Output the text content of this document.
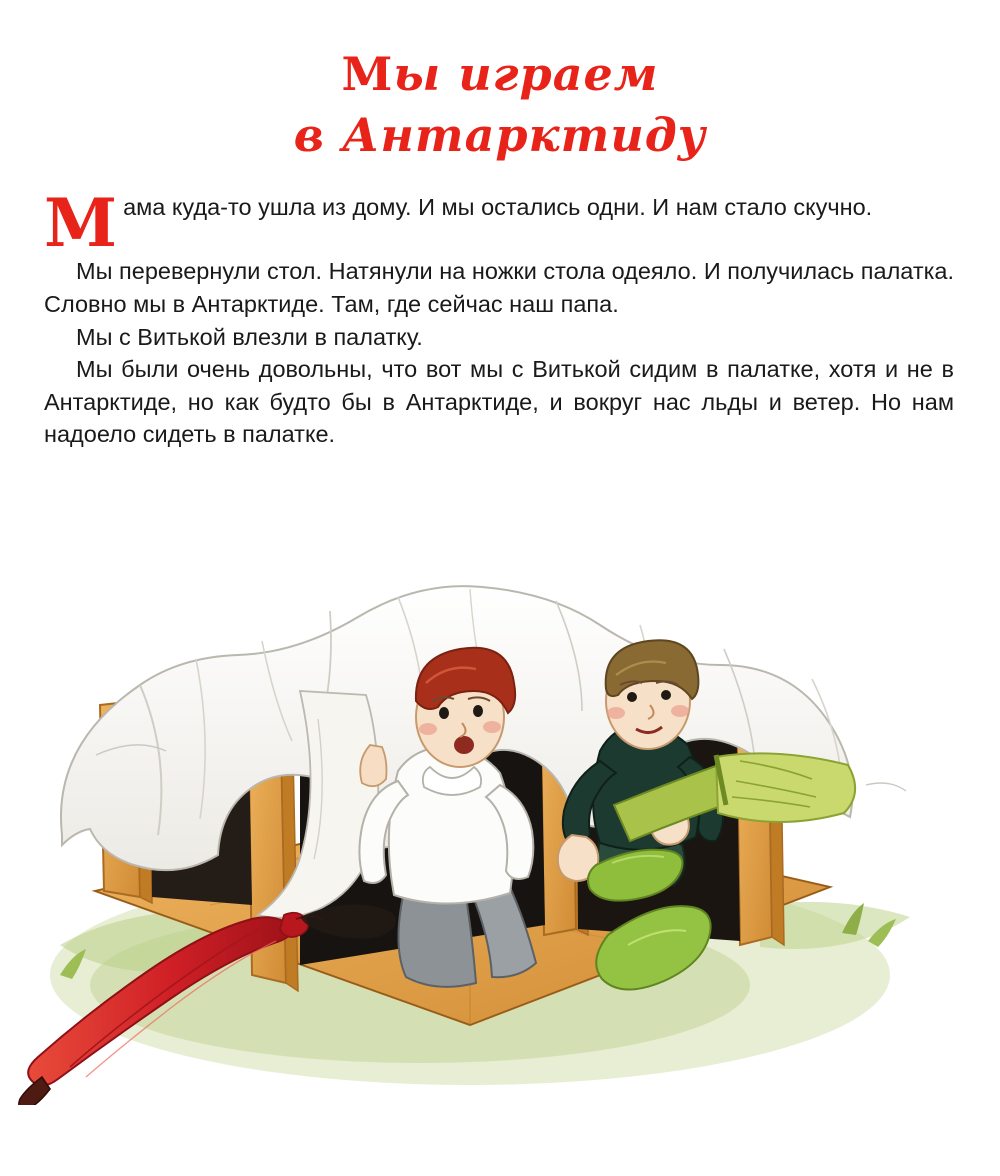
Мы играем
в Антарктиду

Мама куда-то ушла из дому. И мы остались одни. И нам стало скучно.

Мы перевернули стол. Натянули на ножки стола одеяло. И получилась палатка. Словно мы в Антарктиде. Там, где сейчас наш папа.

Мы с Витькой влезли в палатку.

Мы были очень довольны, что вот мы с Витькой сидим в палатке, хотя и не в Антарктиде, но как будто бы в Антарктиде, и вокруг нас льды и ветер. Но нам надоело сидеть в палатке.
